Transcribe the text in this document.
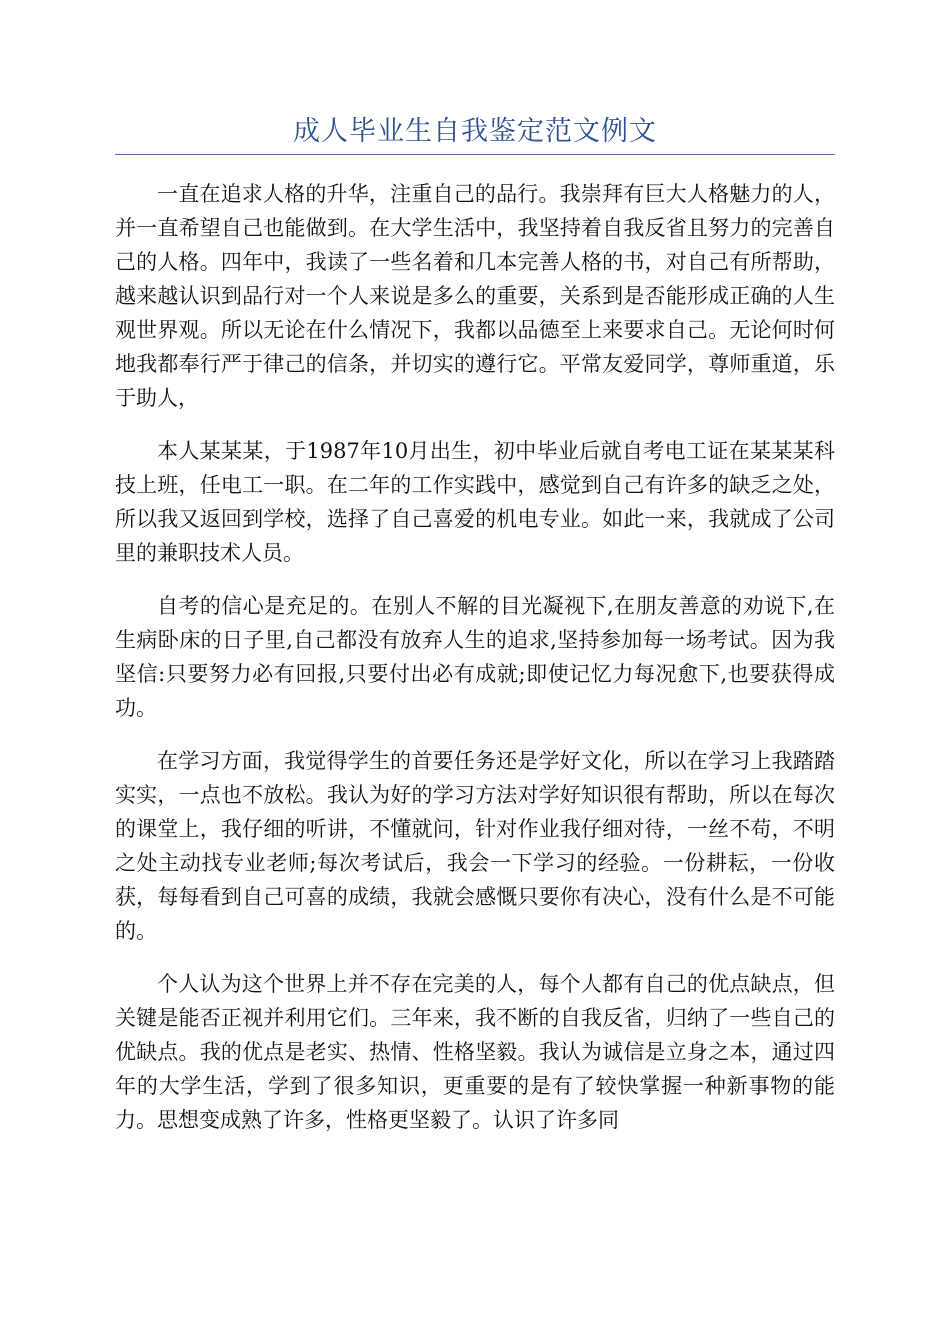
成人毕业生自我鉴定范文例文

一直在追求人格的升华，注重自己的品行。我崇拜有巨大人格魅力的人，并一直希望自己也能做到。在大学生活中，我坚持着自我反省且努力的完善自己的人格。四年中，我读了一些名着和几本完善人格的书，对自己有所帮助，越来越认识到品行对一个人来说是多么的重要，关系到是否能形成正确的人生观世界观。所以无论在什么情况下，我都以品德至上来要求自己。无论何时何地我都奉行严于律己的信条，并切实的遵行它。平常友爱同学，尊师重道，乐于助人，

本人某某某，于1987年10月出生，初中毕业后就自考电工证在某某某科技上班，任电工一职。在二年的工作实践中，感觉到自己有许多的缺乏之处，所以我又返回到学校，选择了自己喜爱的机电专业。如此一来，我就成了公司里的兼职技术人员。

自考的信心是充足的。在别人不解的目光凝视下,在朋友善意的劝说下,在生病卧床的日子里,自己都没有放弃人生的追求,坚持参加每一场考试。因为我坚信:只要努力必有回报,只要付出必有成就;即使记忆力每况愈下,也要获得成功。

在学习方面，我觉得学生的首要任务还是学好文化，所以在学习上我踏踏实实，一点也不放松。我认为好的学习方法对学好知识很有帮助，所以在每次的课堂上，我仔细的听讲，不懂就问，针对作业我仔细对待，一丝不苟，不明之处主动找专业老师;每次考试后，我会一下学习的经验。一份耕耘，一份收获，每每看到自己可喜的成绩，我就会感慨只要你有决心，没有什么是不可能的。

个人认为这个世界上并不存在完美的人，每个人都有自己的优点缺点，但关键是能否正视并利用它们。三年来，我不断的自我反省，归纳了一些自己的优缺点。我的优点是老实、热情、性格坚毅。我认为诚信是立身之本，通过四年的大学生活，学到了很多知识，更重要的是有了较快掌握一种新事物的能力。思想变成熟了许多，性格更坚毅了。认识了许多同
